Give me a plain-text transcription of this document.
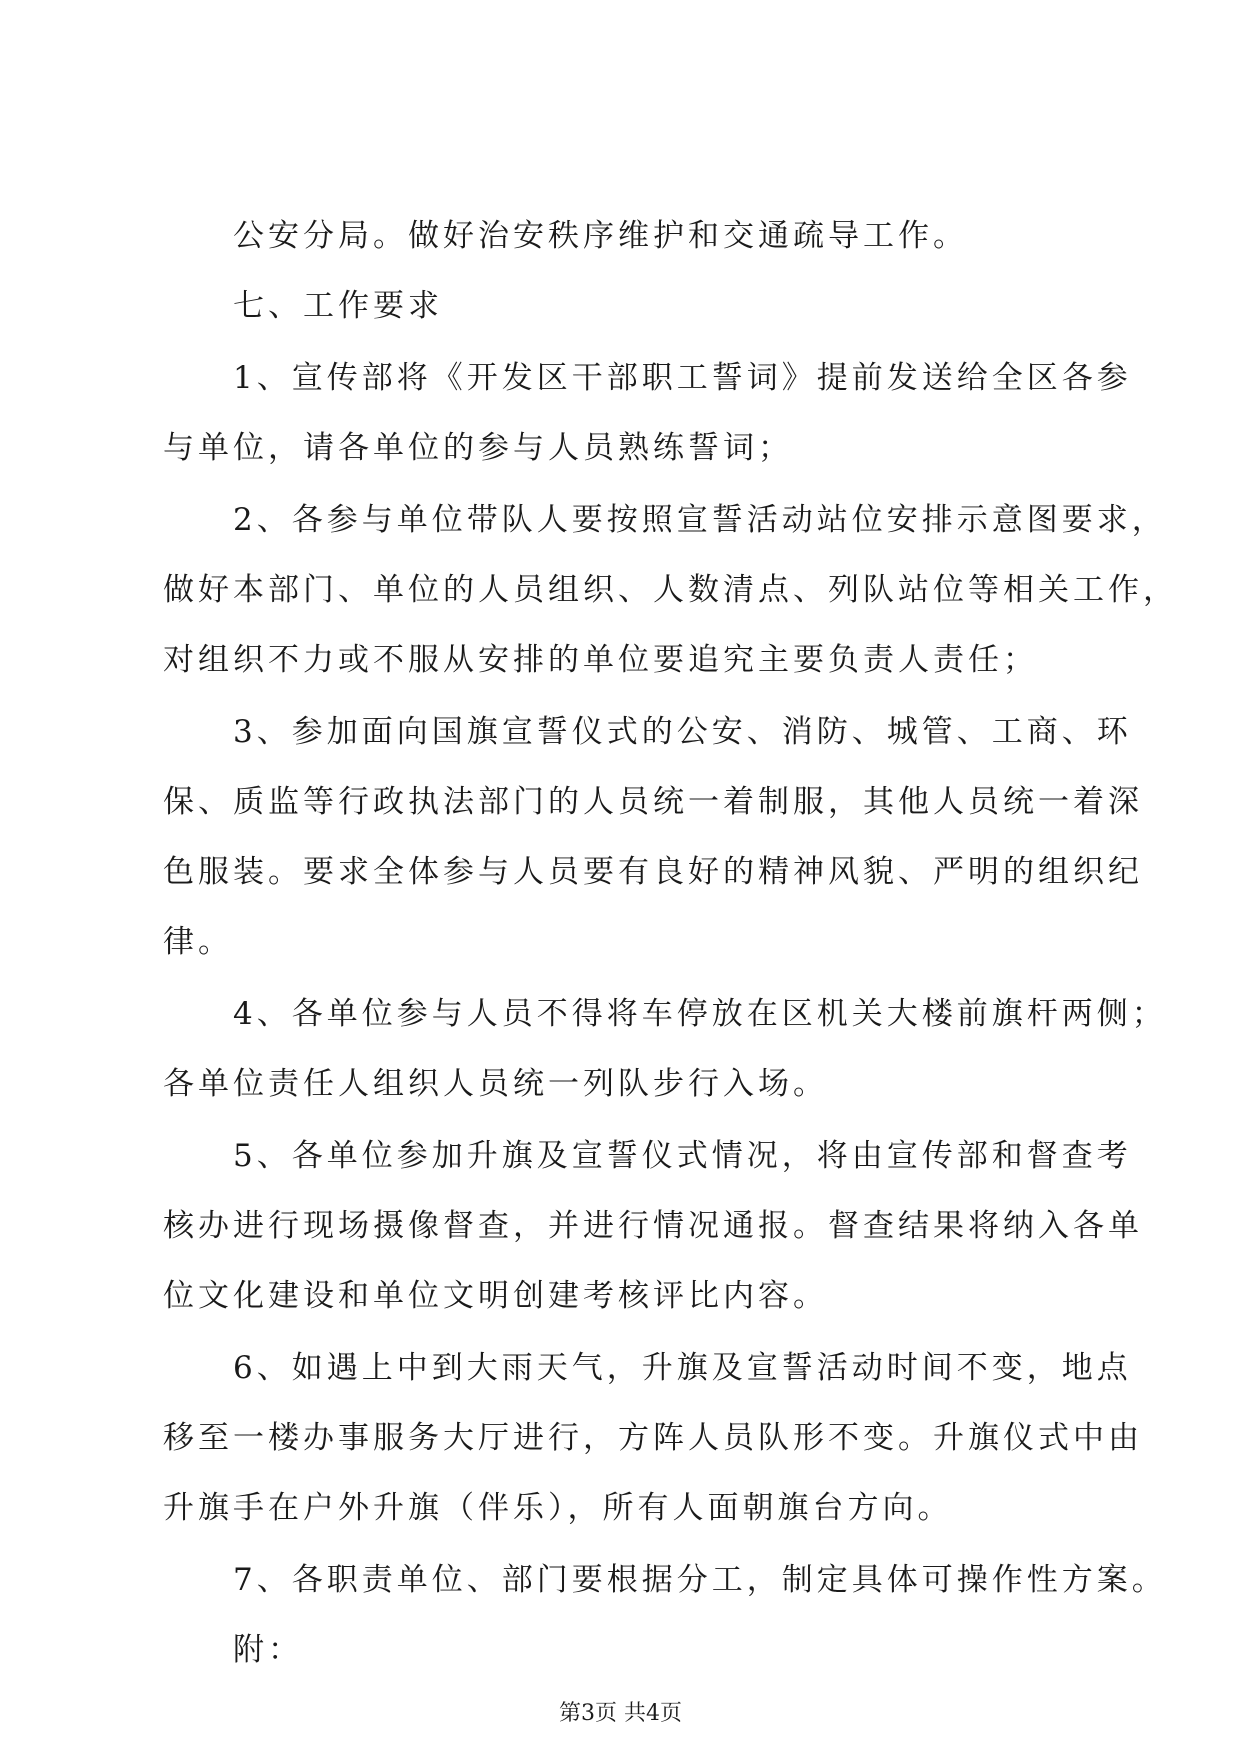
公安分局。做好治安秩序维护和交通疏导工作。
七、工作要求
1、宣传部将《开发区干部职工誓词》提前发送给全区各参
与单位，请各单位的参与人员熟练誓词；
2、各参与单位带队人要按照宣誓活动站位安排示意图要求，
做好本部门、单位的人员组织、人数清点、列队站位等相关工作，
对组织不力或不服从安排的单位要追究主要负责人责任；
3、参加面向国旗宣誓仪式的公安、消防、城管、工商、环
保、质监等行政执法部门的人员统一着制服，其他人员统一着深
色服装。要求全体参与人员要有良好的精神风貌、严明的组织纪
律。
4、各单位参与人员不得将车停放在区机关大楼前旗杆两侧；
各单位责任人组织人员统一列队步行入场。
5、各单位参加升旗及宣誓仪式情况，将由宣传部和督查考
核办进行现场摄像督查，并进行情况通报。督查结果将纳入各单
位文化建设和单位文明创建考核评比内容。
6、如遇上中到大雨天气，升旗及宣誓活动时间不变，地点
移至一楼办事服务大厅进行，方阵人员队形不变。升旗仪式中由
升旗手在户外升旗（伴乐），所有人面朝旗台方向。
7、各职责单位、部门要根据分工，制定具体可操作性方案。
附：
第3页 共4页
